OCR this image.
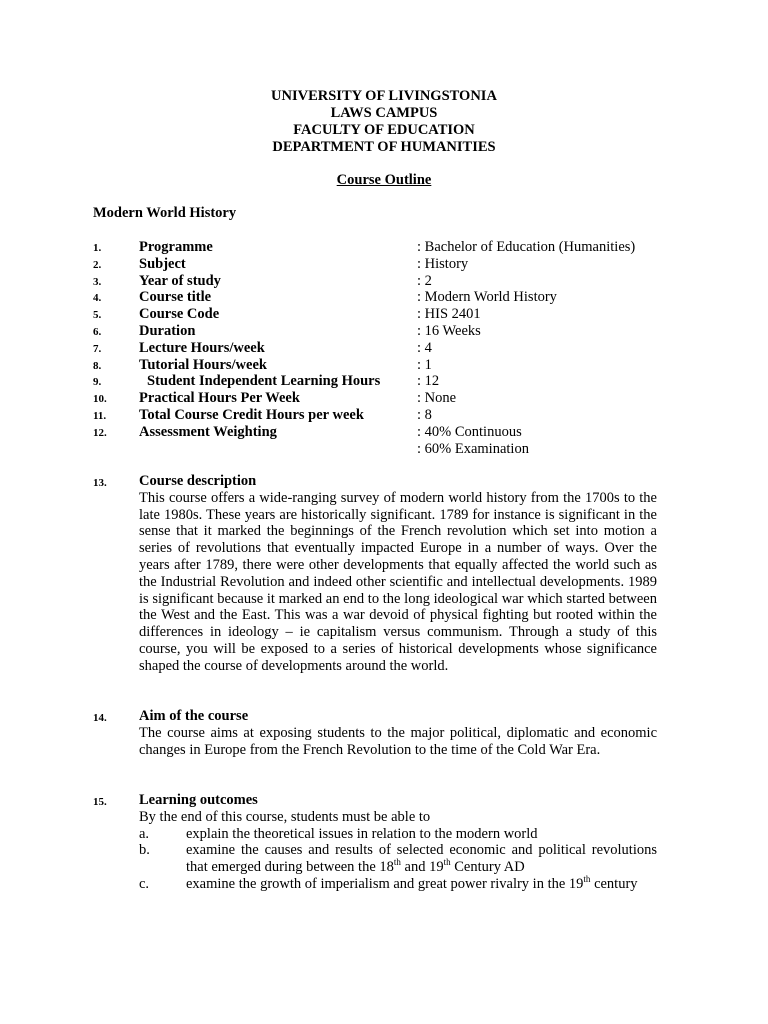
UNIVERSITY OF LIVINGSTONIA
LAWS CAMPUS
FACULTY OF EDUCATION
DEPARTMENT OF HUMANITIES
Course Outline
Modern World History
1.	Programme	: Bachelor of Education (Humanities)
2.	Subject	: History
3.	Year of study	: 2
4.	Course title	: Modern World History
5.	Course Code	: HIS 2401
6.	Duration	: 16 Weeks
7.	Lecture Hours/week	: 4
8.	Tutorial Hours/week	: 1
9.	Student Independent Learning Hours	: 12
10. Practical Hours Per Week	: None
11. Total Course Credit Hours per week	: 8
12. Assessment Weighting	: 40% Continuous
: 60% Examination
13. Course description
This course offers a wide-ranging survey of modern world history from the 1700s to the late 1980s. These years are historically significant. 1789 for instance is significant in the sense that it marked the beginnings of the French revolution which set into motion a series of revolutions that eventually impacted Europe in a number of ways. Over the years after 1789, there were other developments that equally affected the world such as the Industrial Revolution and indeed other scientific and intellectual developments. 1989 is significant because it marked an end to the long ideological war which started between the West and the East. This was a war devoid of physical fighting but rooted within the differences in ideology – ie capitalism versus communism. Through a study of this course, you will be exposed to a series of historical developments whose significance shaped the course of developments around the world.
14. Aim of the course
The course aims at exposing students to the major political, diplomatic and economic changes in Europe from the French Revolution to the time of the Cold War Era.
15. Learning outcomes
By the end of this course, students must be able to
a.	explain the theoretical issues in relation to the modern world
b. examine the causes and results of selected economic and political revolutions that emerged during between the 18th and 19th Century AD
c.	examine the growth of imperialism and great power rivalry in the 19th century
